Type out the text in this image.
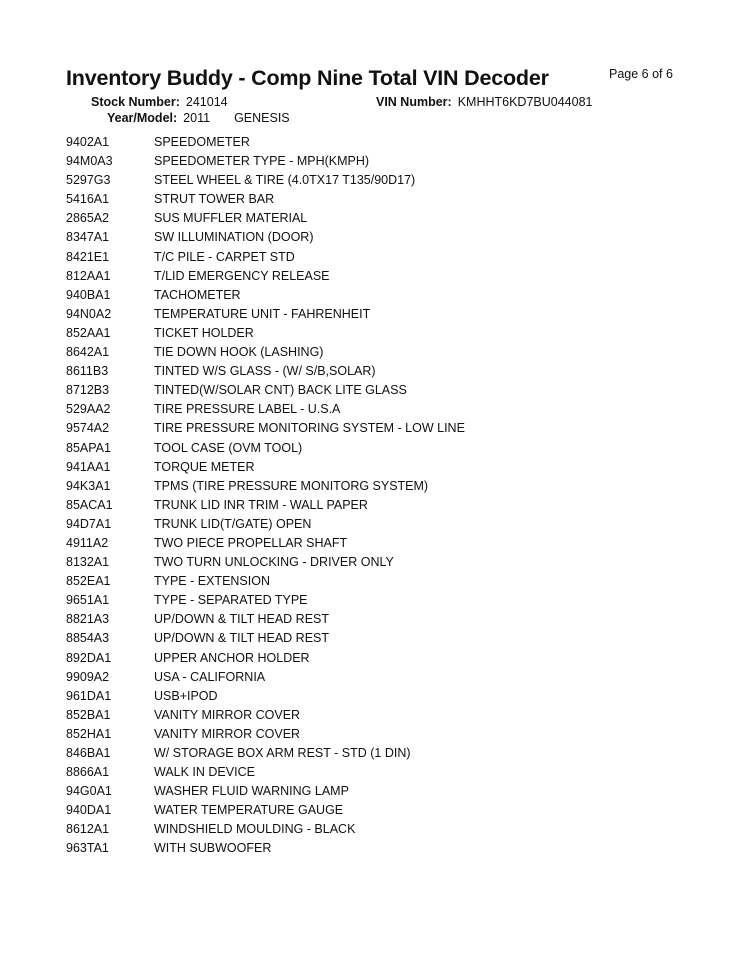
Inventory Buddy - Comp Nine Total VIN Decoder	Page 6 of 6
Stock Number: 241014	VIN Number: KMHHT6KD7BU044081
Year/Model: 2011 GENESIS
9402A1	SPEEDOMETER
94M0A3	SPEEDOMETER TYPE - MPH(KMPH)
5297G3	STEEL WHEEL & TIRE (4.0TX17 T135/90D17)
5416A1	STRUT TOWER BAR
2865A2	SUS MUFFLER MATERIAL
8347A1	SW ILLUMINATION (DOOR)
8421E1	T/C PILE - CARPET STD
812AA1	T/LID EMERGENCY RELEASE
940BA1	TACHOMETER
94N0A2	TEMPERATURE UNIT - FAHRENHEIT
852AA1	TICKET HOLDER
8642A1	TIE DOWN HOOK (LASHING)
8611B3	TINTED W/S GLASS - (W/ S/B,SOLAR)
8712B3	TINTED(W/SOLAR CNT) BACK LITE GLASS
529AA2	TIRE PRESSURE LABEL - U.S.A
9574A2	TIRE PRESSURE MONITORING SYSTEM - LOW LINE
85APA1	TOOL CASE (OVM TOOL)
941AA1	TORQUE METER
94K3A1	TPMS (TIRE PRESSURE MONITORG SYSTEM)
85ACA1	TRUNK LID INR TRIM - WALL PAPER
94D7A1	TRUNK LID(T/GATE) OPEN
4911A2	TWO PIECE PROPELLAR SHAFT
8132A1	TWO TURN UNLOCKING - DRIVER ONLY
852EA1	TYPE - EXTENSION
9651A1	TYPE - SEPARATED TYPE
8821A3	UP/DOWN & TILT HEAD REST
8854A3	UP/DOWN & TILT HEAD REST
892DA1	UPPER ANCHOR HOLDER
9909A2	USA - CALIFORNIA
961DA1	USB+IPOD
852BA1	VANITY MIRROR COVER
852HA1	VANITY MIRROR COVER
846BA1	W/ STORAGE BOX ARM REST - STD (1 DIN)
8866A1	WALK IN DEVICE
94G0A1	WASHER FLUID WARNING LAMP
940DA1	WATER TEMPERATURE GAUGE
8612A1	WINDSHIELD MOULDING - BLACK
963TA1	WITH SUBWOOFER
